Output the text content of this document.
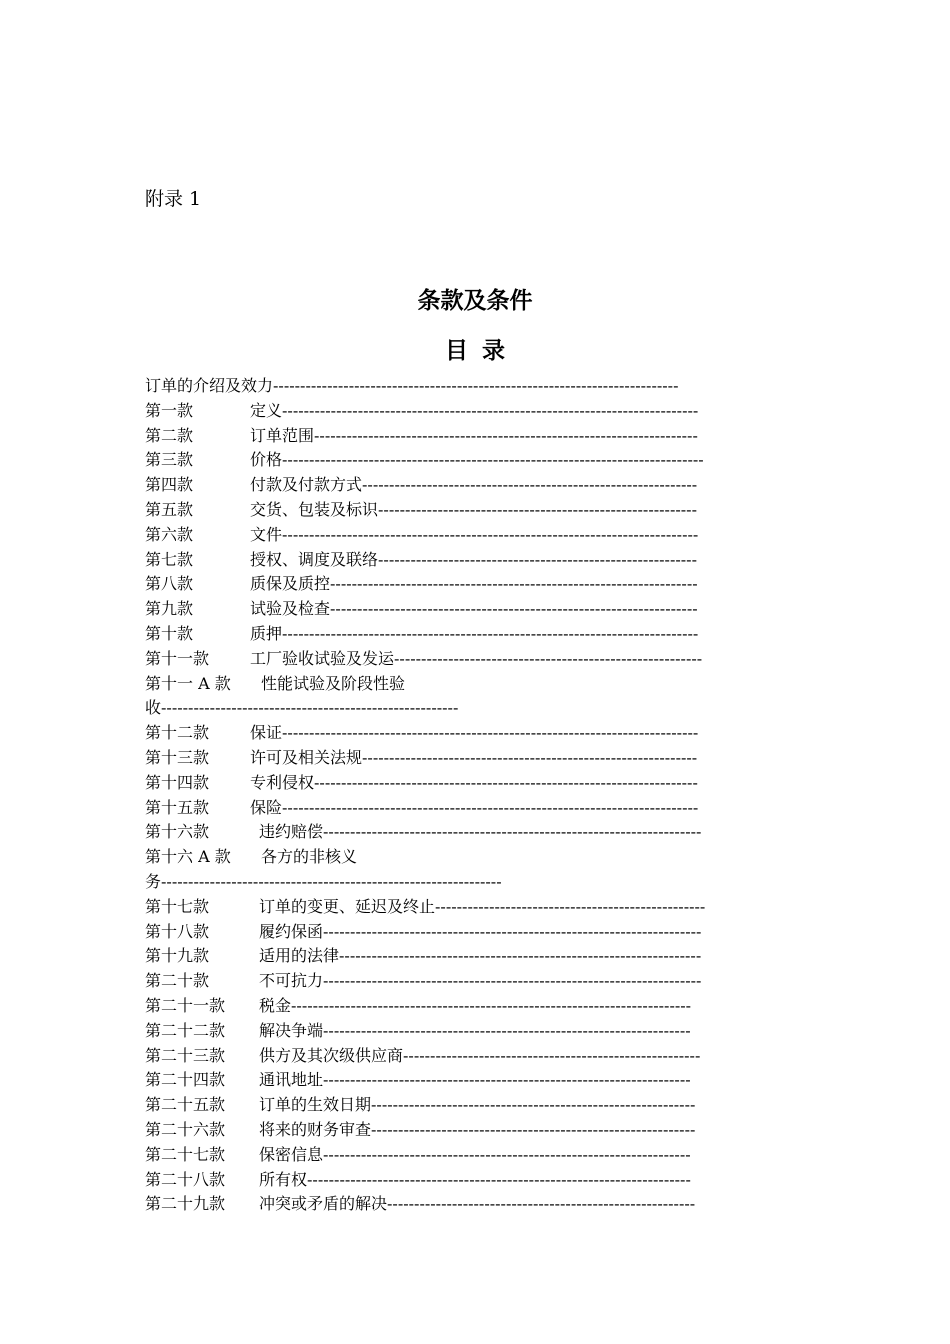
附录 1
条款及条件
目录
订单的介绍及效力 ---------------------------------------------------------------------------
第一款	定义 -----------------------------------------------------------------------------
第二款	订单范围 -----------------------------------------------------------------------
第三款	价格 ------------------------------------------------------------------------------
第四款	付款及付款方式 --------------------------------------------------------------
第五款	交货、包装及标识 -----------------------------------------------------------
第六款	文件 -----------------------------------------------------------------------------
第七款	授权、调度及联络 -----------------------------------------------------------
第八款	质保及质控 --------------------------------------------------------------------
第九款	试验及检查 --------------------------------------------------------------------
第十款	质押 -----------------------------------------------------------------------------
第十一款	工厂验收试验及发运 ---------------------------------------------------------
第十一 A 款	性能试验及阶段性验
收 -------------------------------------------------------
第十二款	保证 -----------------------------------------------------------------------------
第十三款	许可及相关法规 --------------------------------------------------------------
第十四款	专利侵权 -----------------------------------------------------------------------
第十五款	保险 -----------------------------------------------------------------------------
第十六款	违约赔偿 ----------------------------------------------------------------------
第十六 A 款	各方的非核义
务 ---------------------------------------------------------------
第十七款	订单的变更、延迟及终止 --------------------------------------------------
第十八款	履约保函 ----------------------------------------------------------------------
第十九款	适用的法律 -------------------------------------------------------------------
第二十款	不可抗力 ----------------------------------------------------------------------
第二十一款	税金 --------------------------------------------------------------------------
第二十二款	解决争端 --------------------------------------------------------------------
第二十三款	供方及其次级供应商 -------------------------------------------------------
第二十四款	通讯地址 --------------------------------------------------------------------
第二十五款	订单的生效日期 ------------------------------------------------------------
第二十六款	将来的财务审查 ------------------------------------------------------------
第二十七款	保密信息 --------------------------------------------------------------------
第二十八款	所有权 -----------------------------------------------------------------------
第二十九款	冲突或矛盾的解决 ---------------------------------------------------------
